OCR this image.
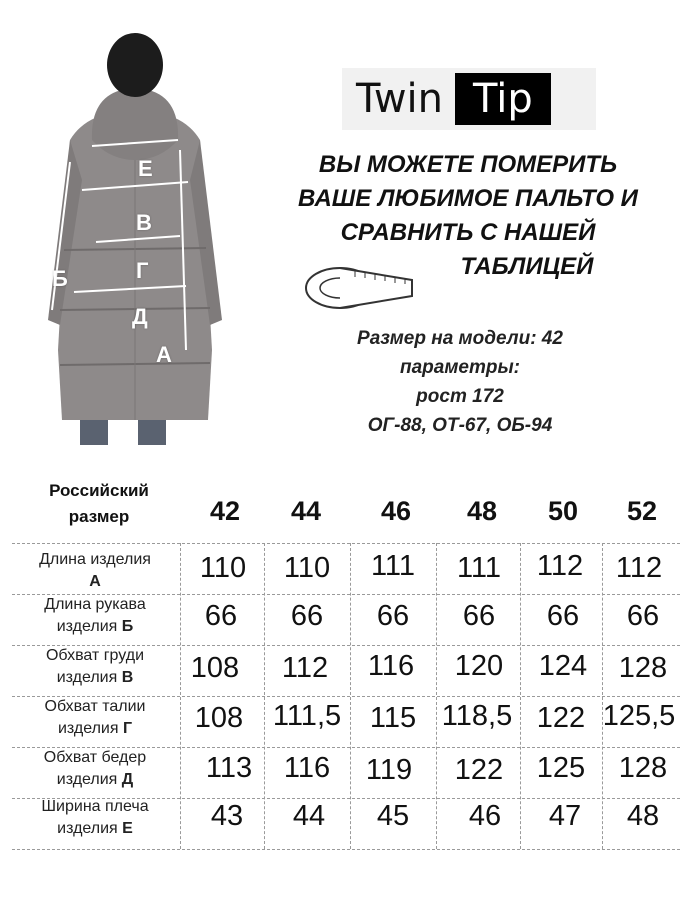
Е
В
Г
Б
Д
А
Twin Tip
ВЫ МОЖЕТЕ ПОМЕРИТЬ
ВАШЕ ЛЮБИМОЕ ПАЛЬТО И
СРАВНИТЬ С НАШЕЙ
ТАБЛИЦЕЙ
Размер на модели: 42
параметры:
рост 172
ОГ-88, ОТ-67, ОБ-94
Российский
размер	42	44	46	48	50	52
Длина изделия
А	110	110	111	111	112	112
Длина рукава
изделия Б	66	66	66	66	66	66
Обхват груди
изделия В	108	112	116	120	124	128
Обхват талии
изделия Г	108	111,5 115 118,5 122 125,5
Обхват бедер
изделия Д	113	116	119	122	125	128
Ширина плеча
изделия Е	43	44	45	46	47	48
